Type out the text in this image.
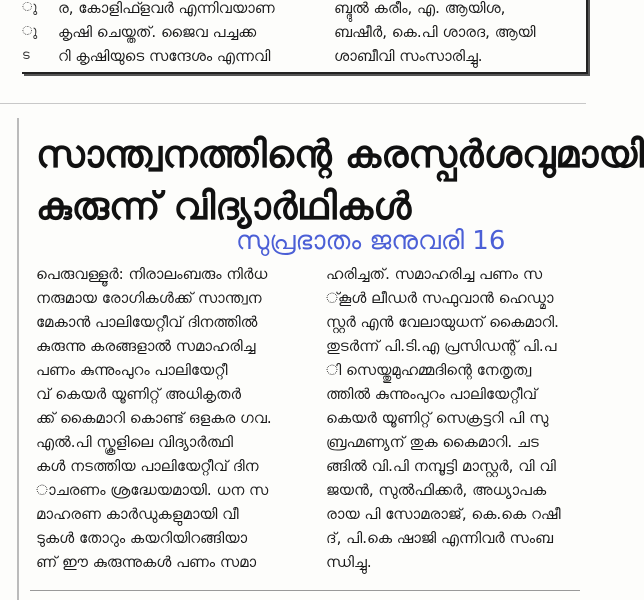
ു
ു
ട
ര, കോളിഫ്ളവർ എന്നിവയാണ
കൃഷി ചെയ്തത്. ജൈവ പച്ചക്ക
റി കൃഷിയുടെ സന്ദേശം എന്നവി
ബ്ദുൽ കരീം, എ. ആയിശ,
ബഷീർ, കെ.പി ശാരദ, ആയി
ശാബീവി സംസാരിച്ചു.
സാന്ത്വനത്തിന്റെ കരസ്പർശവുമായി
കുരുന്ന് വിദ്യാർഥികൾ
സുപ്രഭാതം ജനുവരി 16
പെരുവള്ളൂർ: നിരാലംബരും നിർധ
നരുമായ രോഗികൾക്ക് സാന്ത്വന
മേകാൻ പാലിയേറ്റീവ് ദിനത്തിൽ
കുരുന്നു കരങ്ങളാൽ സമാഹരിച്ച
പണം കുന്നുംപുറം പാലിയേറ്റീ
വ് കെയർ യൂണിറ്റ് അധികൃതർ
ക്ക് കൈമാറി കൊണ്ട് ഒളകര ഗവ.
എൽ.പി സ്കൂളിലെ വിദ്യാർത്ഥി
കൾ നടത്തിയ പാലിയേറ്റീവ് ദിന
ാചരണം ശ്രദ്ധേയമായി. ധന സ
മാഹരണ കാർഡുകളുമായി വീ
ടുകൾ തോറും കയറിയിറങ്ങിയാ
ണ് ഈ കുരുന്നുകൾ പണം സമാ
ഹരിച്ചത്. സമാഹരിച്ച പണം സ
്കൂൾ ലീഡർ സഫുവാൻ ഹെഡ്മാ
സ്റ്റർ എൻ വേലായുധന് കൈമാറി.
തുടർന്ന് പി.ടി.എ പ്രസിഡന്റ് പി.പ
ി സെയ്തുമുഹമ്മദിന്റെ നേതൃത്വ
ത്തിൽ കുന്നുംപുറം പാലിയേറ്റീവ്
കെയർ യൂണിറ്റ് സെക്രട്ടറി പി സു
ബ്രഹ്മണ്യന് തുക കൈമാറി. ചട
ങ്ങിൽ വി.പി നമ്പൂട്ടി മാസ്റ്റർ, വി വി
ജയൻ, സുൽഫിക്കർ, അധ്യാപക
രായ പി സോമരാജ്, കെ.കെ റഷീ
ദ്, പി.കെ ഷാജി എന്നിവർ സംബ
ന്ധിച്ചു.
